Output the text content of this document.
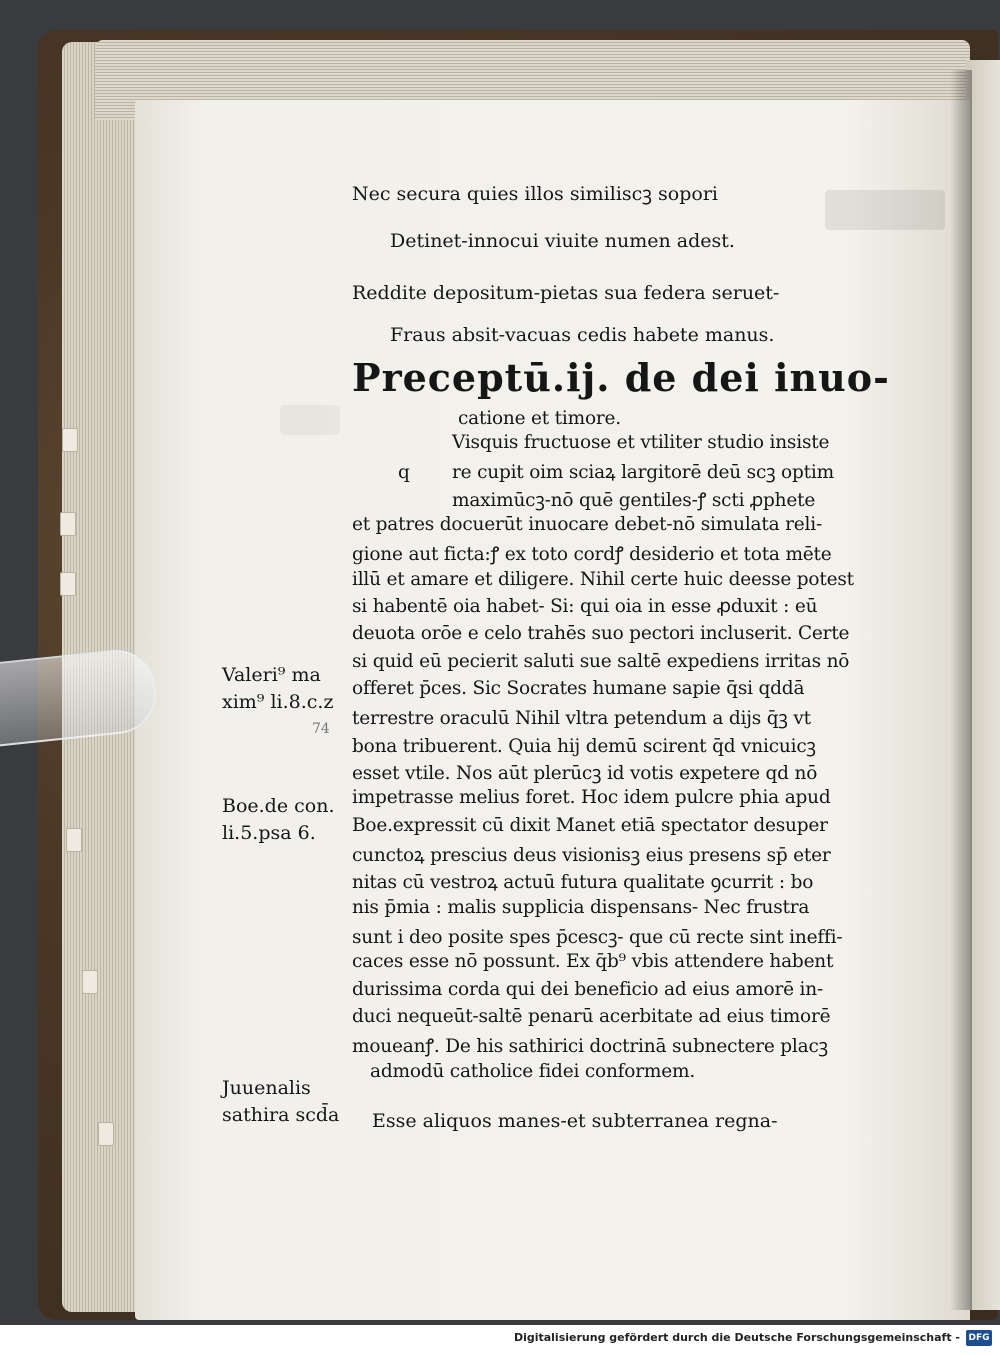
Nec secura quies illos similiscꝫ sopori
Detinet-innocui viuite numen adest.
Reddite depositum-pietas sua federa seruet-
Fraus absit-vacuas cedis habete manus.
Preceptū.ij. de dei inuo-
catione et timore.
q
Visquis fructuose et vtiliter studio insiste
re cupit oim sciaꝝ largitorē deū scꝫ optim
maximūcꝫ-nō quē gentiles-ꝭ scti ꝓphete
et patres docuerūt inuocare debet-nō simulata reli-
gione aut ficta:ꝭ ex toto cordꝭ desiderio et tota mēte
illū et amare et diligere. Nihil certe huic deesse potest
si habentē oia habet- Si: qui oia in esse ꝓduxit : eū
deuota orōe e celo trahēs suo pectori incluserit. Certe
si quid eū pecierit saluti sue saltē expediens irritas nō
offeret p̄ces. Sic Socrates humane sapie q̄si qddā
terrestre oraculū Nihil vltra petendum a dijs q̄ꝫ vt
bona tribuerent. Quia hij demū scirent q̄d vnicuicꝫ
esset vtile. Nos aūt plerūcꝫ id votis expetere qd nō
impetrasse melius foret. Hoc idem pulcre phia apud
Boe.expressit cū dixit Manet etiā spectator desuper
cunctoꝝ prescius deus visionisꝫ eius presens sp̄ eter
nitas cū vestroꝝ actuū futura qualitate ꝯcurrit : bo
nis p̄mia : malis supplicia dispensans- Nec frustra
sunt i deo posite spes p̄cescꝫ- que cū recte sint ineffi-
caces esse nō possunt. Ex q̄b⁹ vbis attendere habent
durissima corda qui dei beneficio ad eius amorē in-
duci nequeūt-saltē penarū acerbitate ad eius timorē
moueanꝭ. De his sathirici doctrinā subnectere placꝫ
admodū catholice fidei conformem.
Esse aliquos manes-et subterranea regna-
Valeri⁹ ma
xim⁹ li.8.c.z
74
Boe.de con.
li.5.psa 6.
Juuenalis
sathira scd̄a
Digitalisierung gefördert durch die Deutsche Forschungsgemeinschaft - DFG
